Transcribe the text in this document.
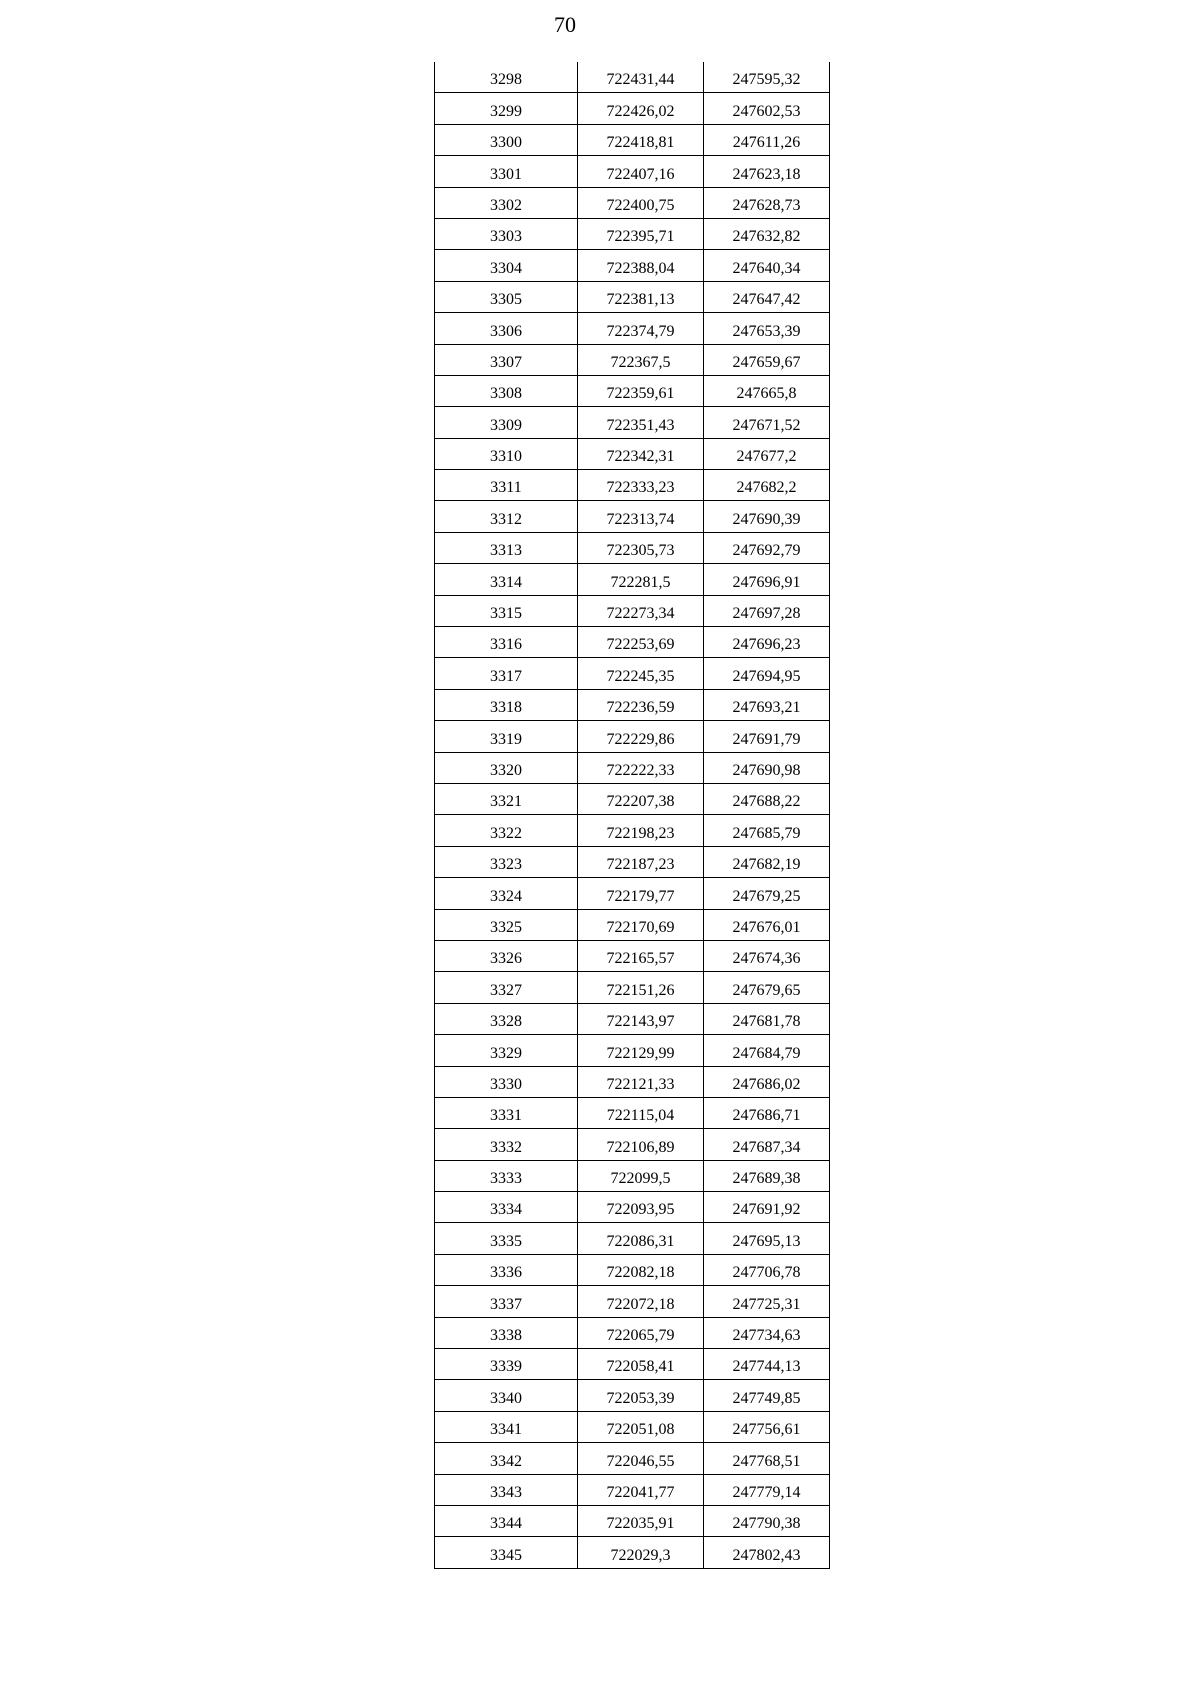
70
3298	722431,44	247595,32
3299	722426,02	247602,53
3300	722418,81	247611,26
3301	722407,16	247623,18
3302	722400,75	247628,73
3303	722395,71	247632,82
3304	722388,04	247640,34
3305	722381,13	247647,42
3306	722374,79	247653,39
3307	722367,5	247659,67
3308	722359,61	247665,8
3309	722351,43	247671,52
3310	722342,31	247677,2
3311	722333,23	247682,2
3312	722313,74	247690,39
3313	722305,73	247692,79
3314	722281,5	247696,91
3315	722273,34	247697,28
3316	722253,69	247696,23
3317	722245,35	247694,95
3318	722236,59	247693,21
3319	722229,86	247691,79
3320	722222,33	247690,98
3321	722207,38	247688,22
3322	722198,23	247685,79
3323	722187,23	247682,19
3324	722179,77	247679,25
3325	722170,69	247676,01
3326	722165,57	247674,36
3327	722151,26	247679,65
3328	722143,97	247681,78
3329	722129,99	247684,79
3330	722121,33	247686,02
3331	722115,04	247686,71
3332	722106,89	247687,34
3333	722099,5	247689,38
3334	722093,95	247691,92
3335	722086,31	247695,13
3336	722082,18	247706,78
3337	722072,18	247725,31
3338	722065,79	247734,63
3339	722058,41	247744,13
3340	722053,39	247749,85
3341	722051,08	247756,61
3342	722046,55	247768,51
3343	722041,77	247779,14
3344	722035,91	247790,38
3345	722029,3	247802,43
